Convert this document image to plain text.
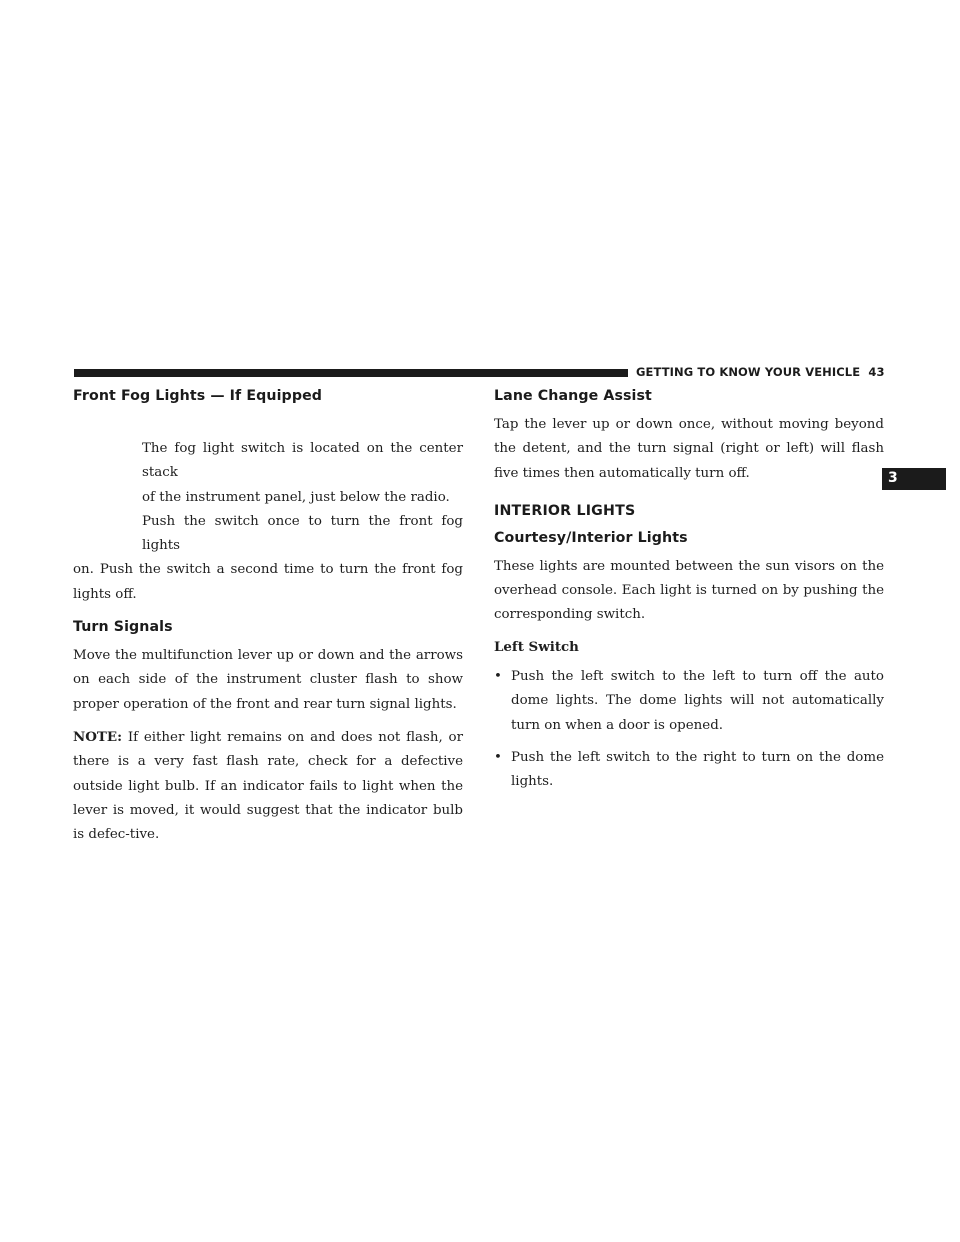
GETTING TO KNOW YOUR VEHICLE 43
3
Front Fog Lights — If Equipped

The fog light switch is located on the center stack

of the instrument panel, just below the radio.

Push the switch once to turn the front fog lights

on. Push the switch a second time to turn the front fog lights off.

Turn Signals

Move the multifunction lever up or down and the arrows on each side of the instrument cluster flash to show proper operation of the front and rear turn signal lights.

NOTE: If either light remains on and does not flash, or there is a very fast flash rate, check for a defective outside light bulb. If an indicator fails to light when the lever is moved, it would suggest that the indicator bulb is defec-tive.

Lane Change Assist

Tap the lever up or down once, without moving beyond the detent, and the turn signal (right or left) will flash five times then automatically turn off.

INTERIOR LIGHTS
Courtesy/Interior Lights

These lights are mounted between the sun visors on the overhead console. Each light is turned on by pushing the corresponding switch.

Left Switch

• Push the left switch to the left to turn off the auto dome lights. The dome lights will not automatically turn on when a door is opened.
• Push the left switch to the right to turn on the dome lights.
